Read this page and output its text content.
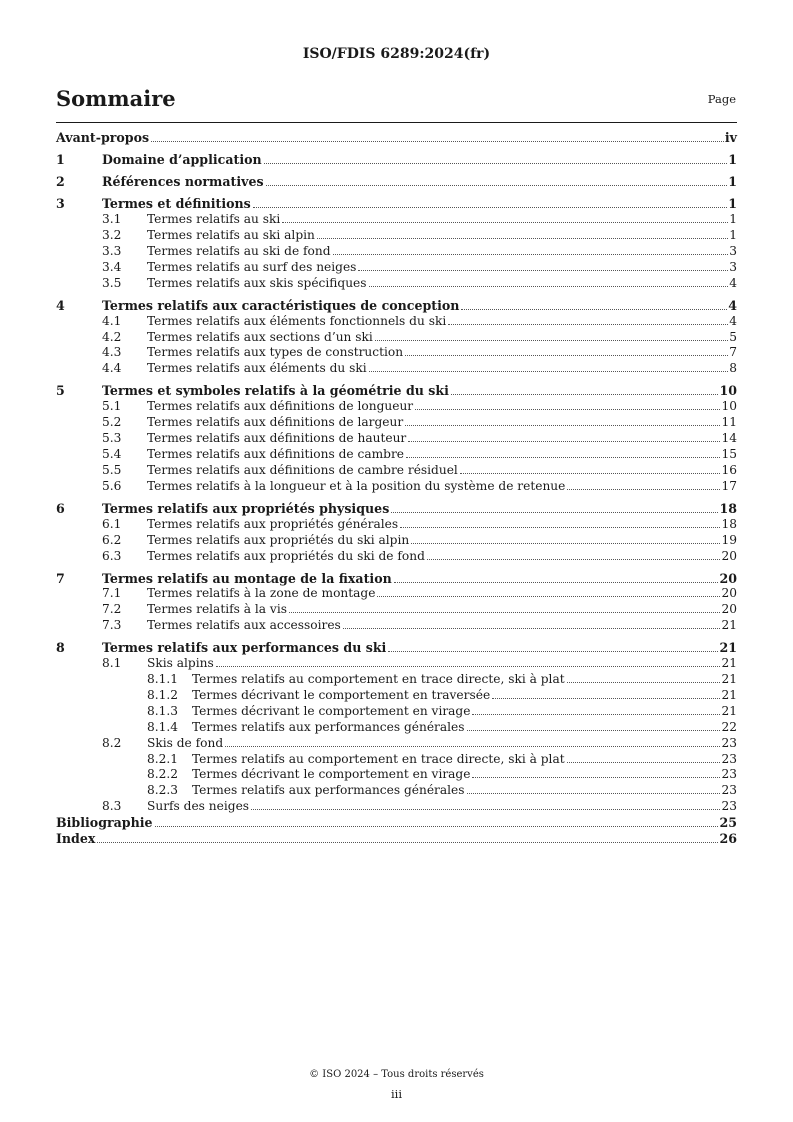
ISO/FDIS 6289:2024(fr)
Sommaire	Page
Avant-propos	iv
1	Domaine d’application	1
2	Références normatives	1
3	Termes et définitions	1
3.1	Termes relatifs au ski	1
3.2	Termes relatifs au ski alpin	1
3.3	Termes relatifs au ski de fond	3
3.4	Termes relatifs au surf des neiges	3
3.5	Termes relatifs aux skis spécifiques	4
4	Termes relatifs aux caractéristiques de conception	4
4.1	Termes relatifs aux éléments fonctionnels du ski	4
4.2	Termes relatifs aux sections d’un ski	5
4.3	Termes relatifs aux types de construction	7
4.4	Termes relatifs aux éléments du ski	8
5	Termes et symboles relatifs à la géométrie du ski	10
5.1	Termes relatifs aux définitions de longueur	10
5.2	Termes relatifs aux définitions de largeur	11
5.3	Termes relatifs aux définitions de hauteur	14
5.4	Termes relatifs aux définitions de cambre	15
5.5	Termes relatifs aux définitions de cambre résiduel	16
5.6	Termes relatifs à la longueur et à la position du système de retenue	17
6	Termes relatifs aux propriétés physiques	18
6.1	Termes relatifs aux propriétés générales	18
6.2	Termes relatifs aux propriétés du ski alpin	19
6.3	Termes relatifs aux propriétés du ski de fond	20
7	Termes relatifs au montage de la fixation	20
7.1	Termes relatifs à la zone de montage	20
7.2	Termes relatifs à la vis	20
7.3	Termes relatifs aux accessoires	21
8	Termes relatifs aux performances du ski	21
8.1	Skis alpins	21
8.1.1	Termes relatifs au comportement en trace directe, ski à plat	21
8.1.2	Termes décrivant le comportement en traversée	21
8.1.3	Termes décrivant le comportement en virage	21
8.1.4	Termes relatifs aux performances générales	22
8.2	Skis de fond	23
8.2.1	Termes relatifs au comportement en trace directe, ski à plat	23
8.2.2	Termes décrivant le comportement en virage	23
8.2.3	Termes relatifs aux performances générales	23
8.3	Surfs des neiges	23
Bibliographie	25
Index	26
© ISO 2024 – Tous droits réservés
iii
